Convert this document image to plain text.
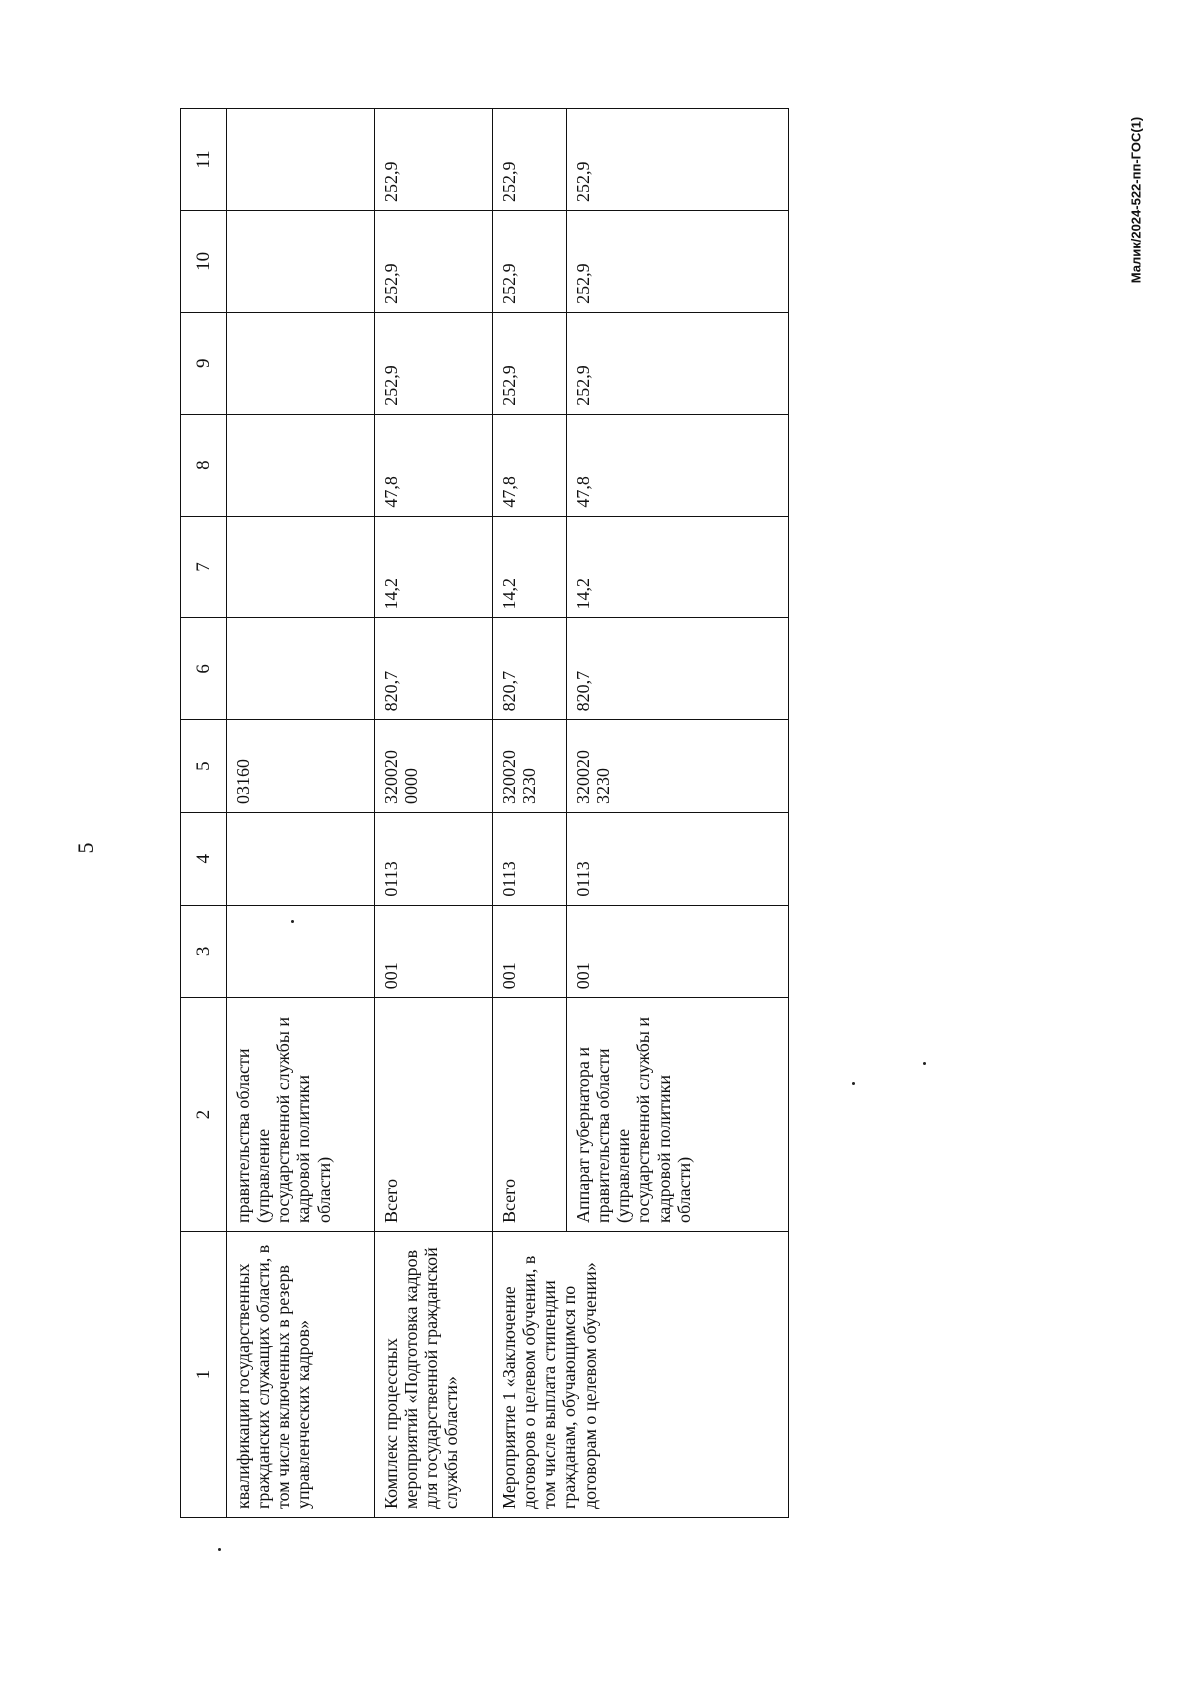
5
Малик/2024-522-пп-ГОС(1)
1	2	3	4	5	6	7	8	9	10	11
квалификации государственных гражданских служащих области, в том числе включенных в резерв управленческих кадров»	правительства области (управление государственной службы и кадровой политики области)			03160						
Комплекс процессных мероприятий «Подготовка кадров для государственной гражданской службы области»	Всего	001	0113	320020 0000	820,7	14,2	47,8	252,9	252,9	252,9
Мероприятие 1 «Заключение договоров о целевом обучении, в том числе выплата стипендии гражданам, обучающимся по договорам о целевом обучении»	Всего	001	0113	320020 3230	820,7	14,2	47,8	252,9	252,9	252,9
	Аппарат губернатора и правительства области (управление государственной службы и кадровой политики области)	001	0113	320020 3230	820,7	14,2	47,8	252,9	252,9	252,9
